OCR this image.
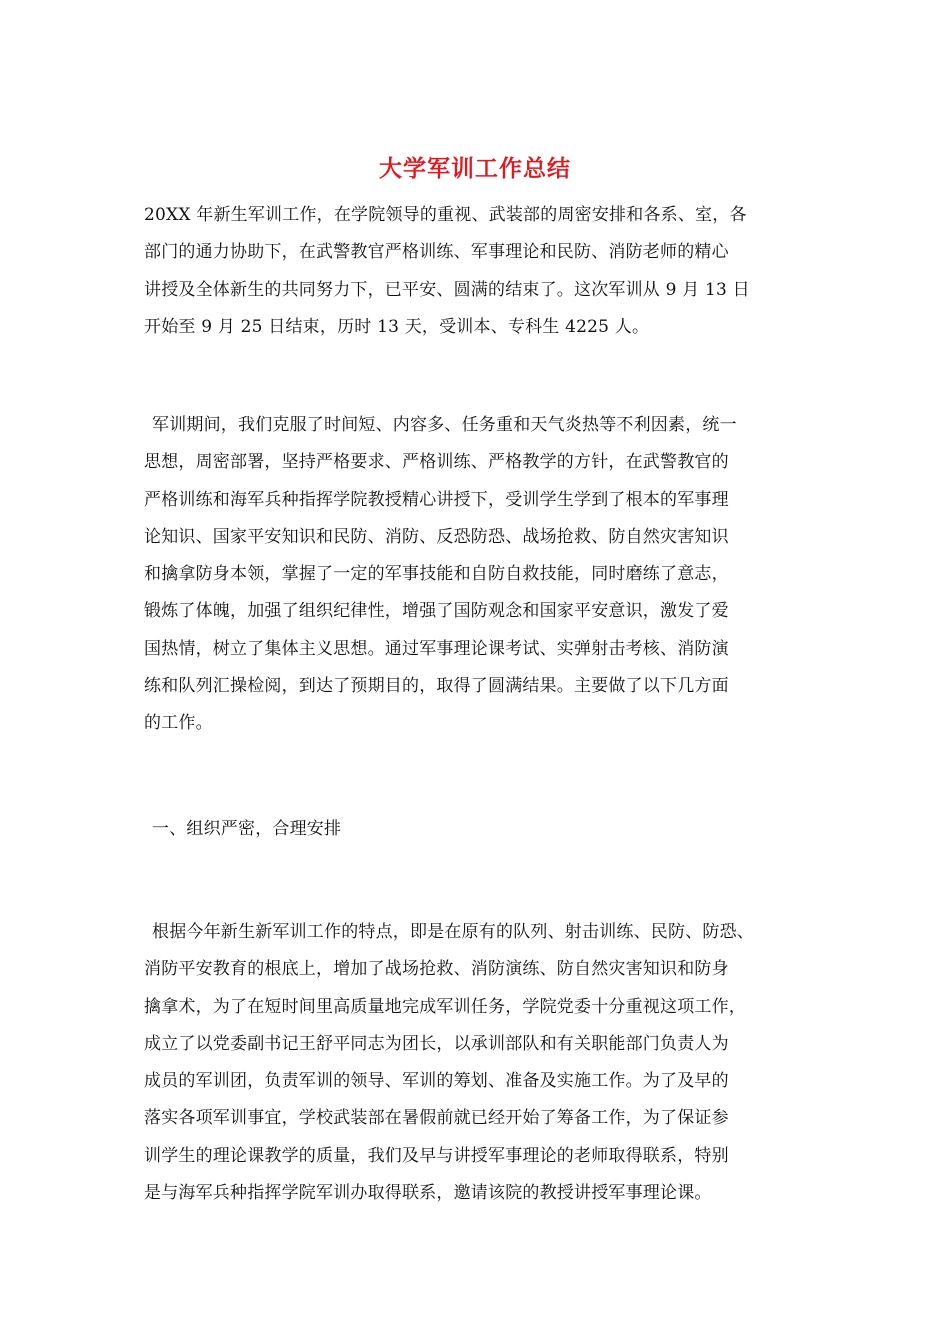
大学军训工作总结
20XX 年新生军训工作，在学院领导的重视、武装部的周密安排和各系、室，各
部门的通力协助下，在武警教官严格训练、军事理论和民防、消防老师的精心
讲授及全体新生的共同努力下，已平安、圆满的结束了。这次军训从 9 月 13 日
开始至 9 月 25 日结束，历时 13 天，受训本、专科生 4225 人。
军训期间，我们克服了时间短、内容多、任务重和天气炎热等不利因素，统一
思想，周密部署，坚持严格要求、严格训练、严格教学的方针，在武警教官的
严格训练和海军兵种指挥学院教授精心讲授下，受训学生学到了根本的军事理
论知识、国家平安知识和民防、消防、反恐防恐、战场抢救、防自然灾害知识
和擒拿防身本领，掌握了一定的军事技能和自防自救技能，同时磨练了意志，
锻炼了体魄，加强了组织纪律性，增强了国防观念和国家平安意识，激发了爱
国热情，树立了集体主义思想。通过军事理论课考试、实弹射击考核、消防演
练和队列汇操检阅，到达了预期目的，取得了圆满结果。主要做了以下几方面
的工作。
一、组织严密，合理安排
根据今年新生新军训工作的特点，即是在原有的队列、射击训练、民防、防恐、
消防平安教育的根底上，增加了战场抢救、消防演练、防自然灾害知识和防身
擒拿术，为了在短时间里高质量地完成军训任务，学院党委十分重视这项工作，
成立了以党委副书记王舒平同志为团长，以承训部队和有关职能部门负责人为
成员的军训团，负责军训的领导、军训的筹划、准备及实施工作。为了及早的
落实各项军训事宜，学校武装部在暑假前就已经开始了筹备工作，为了保证参
训学生的理论课教学的质量，我们及早与讲授军事理论的老师取得联系，特别
是与海军兵种指挥学院军训办取得联系，邀请该院的教授讲授军事理论课。
